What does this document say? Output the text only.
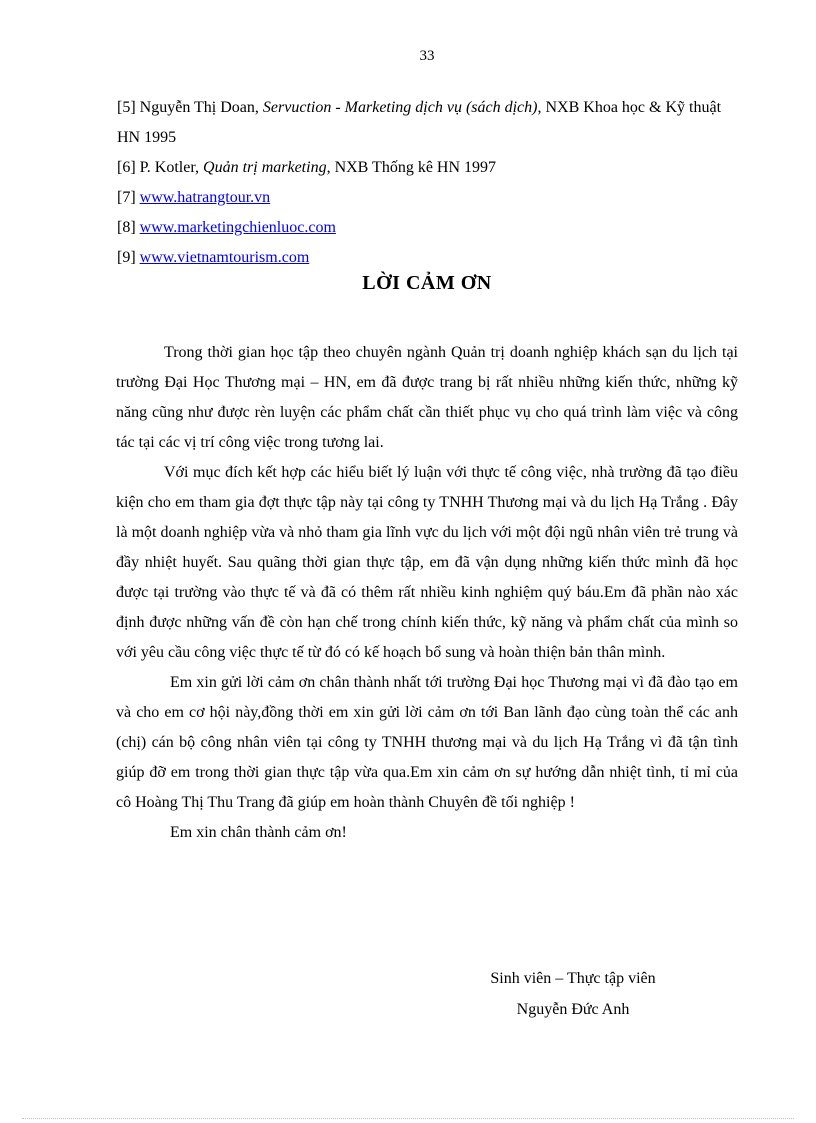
33

[5] Nguyễn Thị Doan, Servuction - Marketing dịch vụ (sách dịch), NXB Khoa học & Kỹ thuật HN 1995

[6] P. Kotler, Quản trị marketing, NXB Thống kê HN 1997

[7] www.hatrangtour.vn

[8] www.marketingchienluoc.com

[9] www.vietnamtourism.com

LỜI CẢM ƠN

Trong thời gian học tập theo chuyên ngành Quản trị doanh nghiệp khách sạn du lịch tại trường Đại Học Thương mại – HN, em đã được trang bị rất nhiều những kiến thức, những kỹ năng cũng như được rèn luyện các phẩm chất cần thiết phục vụ cho quá trình làm việc và công tác tại các vị trí công việc trong tương lai.

Với mục đích kết hợp các hiểu biết lý luận với thực tế công việc, nhà trường đã tạo điều kiện cho em tham gia đợt thực tập này tại công ty TNHH Thương mại và du lịch Hạ Trắng . Đây là một doanh nghiệp vừa và nhỏ tham gia lĩnh vực du lịch với một đội ngũ nhân viên trẻ trung và đầy nhiệt huyết. Sau quãng thời gian thực tập, em đã vận dụng những kiến thức mình đã học được tại trường vào thực tế và đã có thêm rất nhiều kinh nghiệm quý báu.Em đã phần nào xác định được những vấn đề còn hạn chế trong chính kiến thức, kỹ năng và phẩm chất của mình so với yêu cầu công việc thực tế từ đó có kế hoạch bổ sung và hoàn thiện bản thân mình.

Em xin gửi lời cảm ơn chân thành nhất tới trường Đại học Thương mại vì đã đào tạo em và cho em cơ hội này,đồng thời em xin gửi lời cảm ơn tới Ban lãnh đạo cùng toàn thể các anh (chị) cán bộ công nhân viên tại công ty TNHH thương mại và du lịch Hạ Trắng vì đã tận tình giúp đỡ em trong thời gian thực tập vừa qua.Em xin cảm ơn sự hướng dẫn nhiệt tình, tỉ mỉ của cô Hoàng Thị Thu Trang đã giúp em hoàn thành Chuyên đề tối nghiệp !

Em xin chân thành cảm ơn!

Sinh viên – Thực tập viên
Nguyễn Đức Anh
